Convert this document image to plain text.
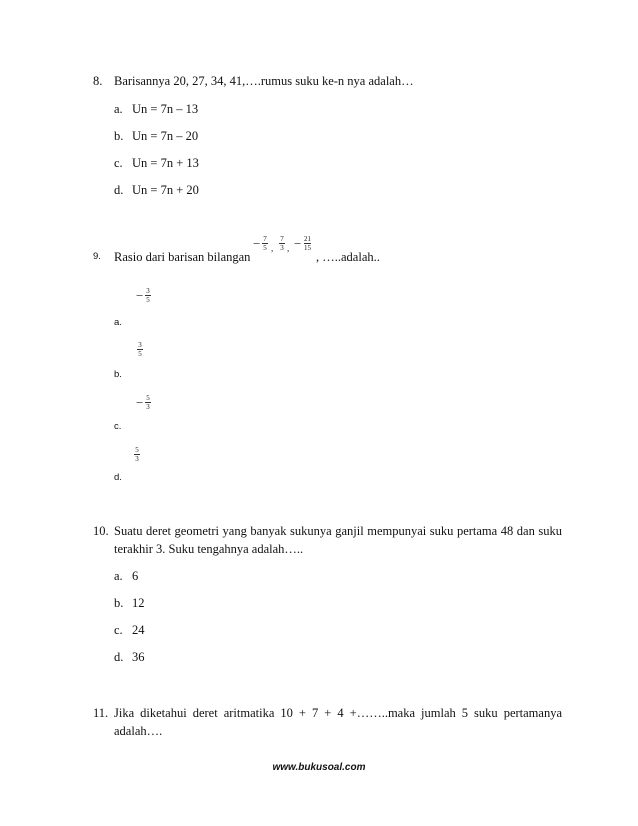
8. Barisannya 20, 27, 34, 41,….rumus suku ke-n nya adalah…
a. Un = 7n – 13
b. Un = 7n – 20
c. Un = 7n + 13
d. Un = 7n + 20
9. Rasio dari barisan bilangan
− 7
5 ,
7
3 , − 21
15
, …..adalah..
− 3
5
a.
3
5
b.
− 5
3
c.
5
3
d.
10. Suatu deret geometri yang banyak sukunya ganjil mempunyai suku pertama 48 dan suku
terakhir 3. Suku tengahnya adalah…..
a. 6
b. 12
c. 24
d. 36
11. Jika diketahui deret aritmatika 10 + 7 + 4 +……..maka jumlah 5 suku pertamanya
adalah….
www.bukusoal.com
